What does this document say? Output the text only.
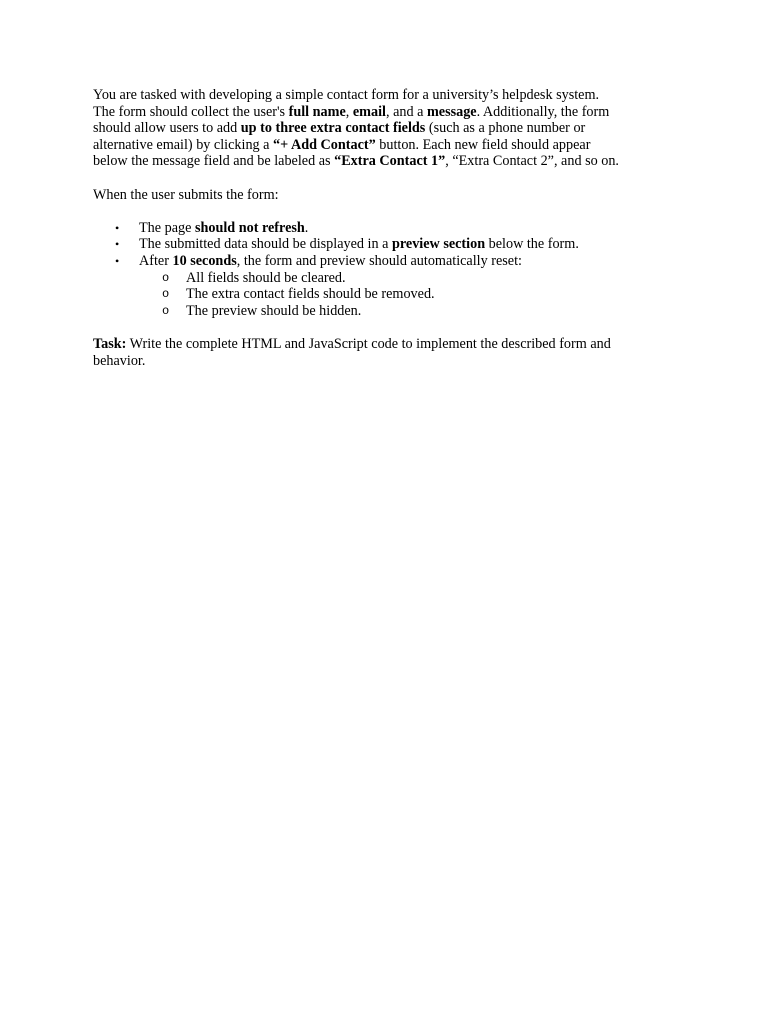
You are tasked with developing a simple contact form for a university’s helpdesk system.
The form should collect the user's full name, email, and a message. Additionally, the form
should allow users to add up to three extra contact fields (such as a phone number or
alternative email) by clicking a “+ Add Contact” button. Each new field should appear
below the message field and be labeled as “Extra Contact 1”, “Extra Contact 2”, and so on.

When the user submits the form:

• The page should not refresh.
• The submitted data should be displayed in a preview section below the form.
• After 10 seconds, the form and preview should automatically reset:
o All fields should be cleared.
o The extra contact fields should be removed.
o The preview should be hidden.

Task: Write the complete HTML and JavaScript code to implement the described form and
behavior.
